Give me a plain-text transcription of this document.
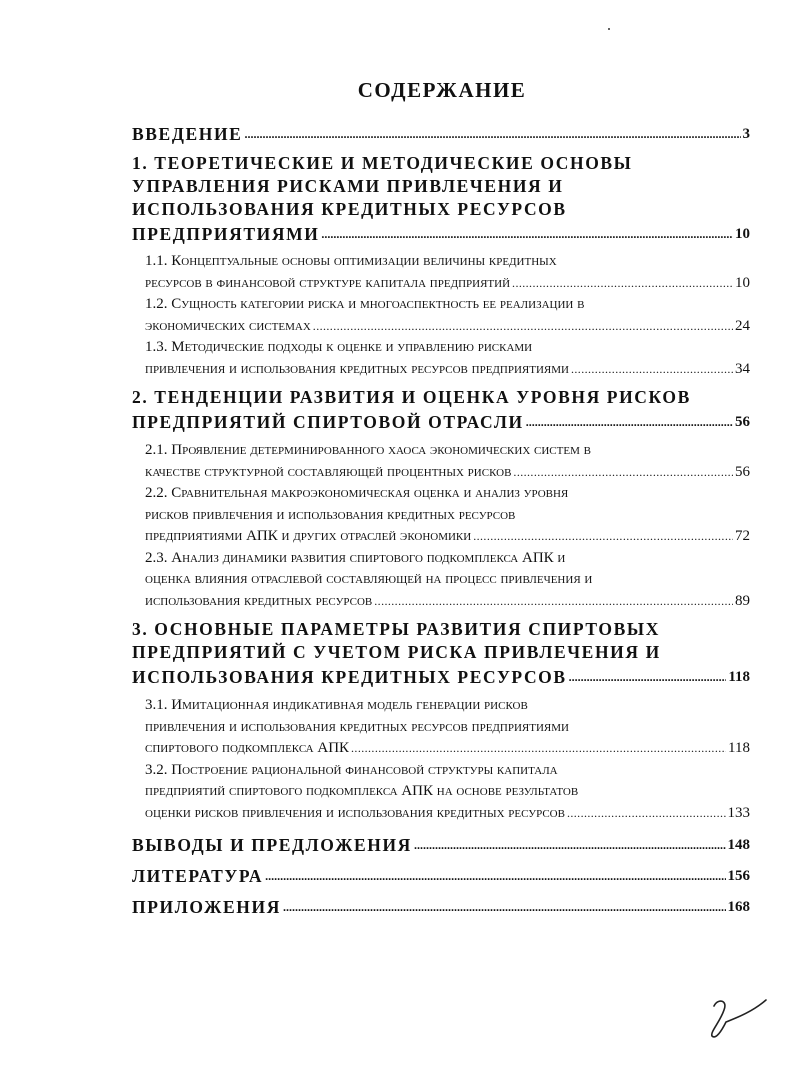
СОДЕРЖАНИЕ
ВВЕДЕНИЕ .....	3
1. ТЕОРЕТИЧЕСКИЕ И МЕТОДИЧЕСКИЕ ОСНОВЫ
УПРАВЛЕНИЯ РИСКАМИ ПРИВЛЕЧЕНИЯ И
ИСПОЛЬЗОВАНИЯ КРЕДИТНЫХ РЕСУРСОВ
ПРЕДПРИЯТИЯМИ .....	10
1.1. Концептуальные основы оптимизации величины кредитных
ресурсов в финансовой структуре капитала предприятий .....	10
1.2. Сущность категории риска и многоаспектность ее реализации в
экономических системах .....	24
1.3. Методические подходы к оценке и управлению рисками
привлечения и использования кредитных ресурсов предприятиями .....	34
2. ТЕНДЕНЦИИ РАЗВИТИЯ И ОЦЕНКА УРОВНЯ РИСКОВ
ПРЕДПРИЯТИЙ СПИРТОВОЙ ОТРАСЛИ .....	56
2.1. Проявление детерминированного хаоса экономических систем в
качестве структурной составляющей процентных рисков .....	56
2.2. Сравнительная макроэкономическая оценка и анализ уровня
рисков привлечения и использования кредитных ресурсов
предприятиями АПК и других отраслей экономики .....	72
2.3. Анализ динамики развития спиртового подкомплекса АПК и
оценка влияния отраслевой составляющей на процесс привлечения и
использования кредитных ресурсов .....	89
3. ОСНОВНЫЕ ПАРАМЕТРЫ РАЗВИТИЯ СПИРТОВЫХ
ПРЕДПРИЯТИЙ С УЧЕТОМ РИСКА ПРИВЛЕЧЕНИЯ И
ИСПОЛЬЗОВАНИЯ КРЕДИТНЫХ РЕСУРСОВ .....	118
3.1. Имитационная индикативная модель генерации рисков
привлечения и использования кредитных ресурсов предприятиями
спиртового подкомплекса АПК .....	118
3.2. Построение рациональной финансовой структуры капитала
предприятий спиртового подкомплекса АПК на основе результатов
оценки рисков привлечения и использования кредитных ресурсов .....	133
ВЫВОДЫ И ПРЕДЛОЖЕНИЯ .....	148
ЛИТЕРАТУРА .....	156
ПРИЛОЖЕНИЯ .....	168
